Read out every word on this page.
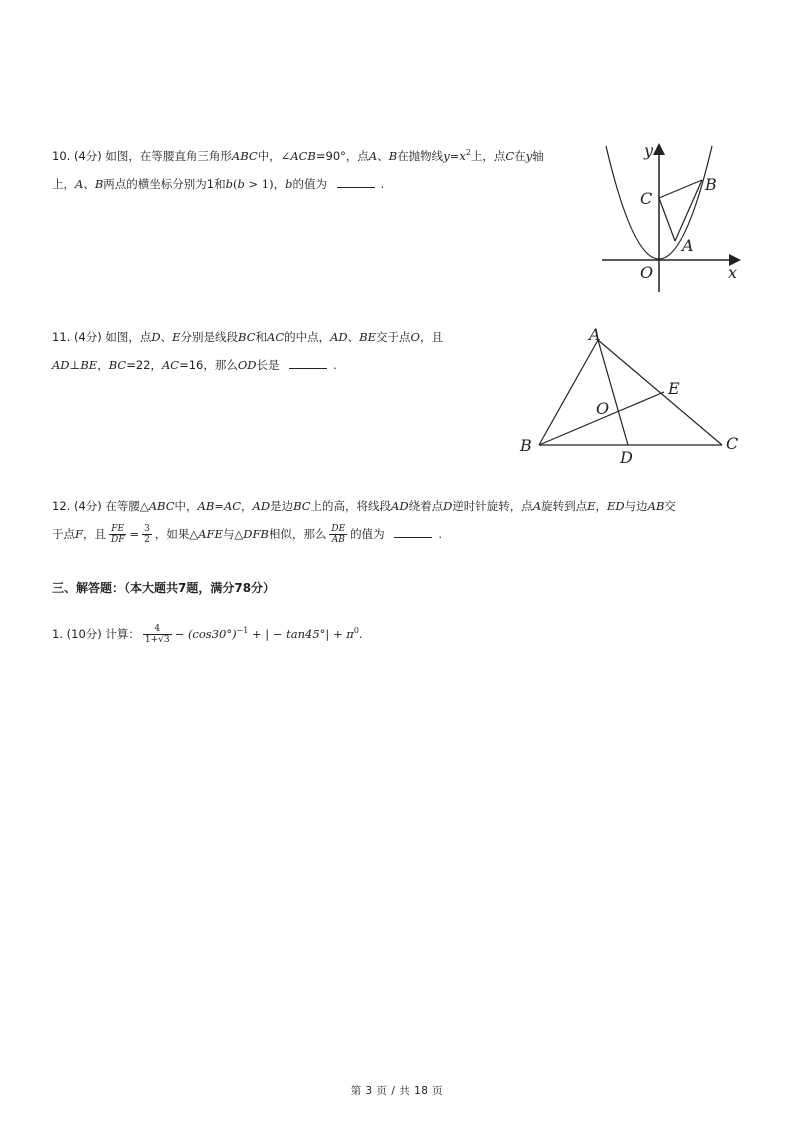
10. (4分) 如图，在等腰直角三角形ABC中，∠ACB=90°，点A、B在抛物线$y=x^2$上，点C在y轴
上，A、B两点的横坐标分别为1和b(b > 1)，b的值为	.
y
C
B
A
O	x
11. (4分) 如图，点D、E分别是线段BC和AC的中点，AD、BE交于点O，且
AD⊥BE，BC=22，AC=16，那么OD长是	.
A
E
O
B
D
C
12. (4分) 在等腰△ABC中，AB=AC，AD是边BC上的高，将线段AD绕着点D逆时针旋转，点A旋转到点E，ED与边AB交
于点F，且 $\frac{FE}{DF} = \frac{3}{2}$ ，如果△AFE与△DFB相似，那么 $\frac{DE}{AB}$ 的值为	.
三、解答题：（本大题共7题，满分78分）
1. (10分) 计算： $\frac{4}{1+√3} - (\cos 30^\circ)^{-1}$ + | − $\tan 45^\circ| + \pi^0$.
第 3 页 / 共 18 页
